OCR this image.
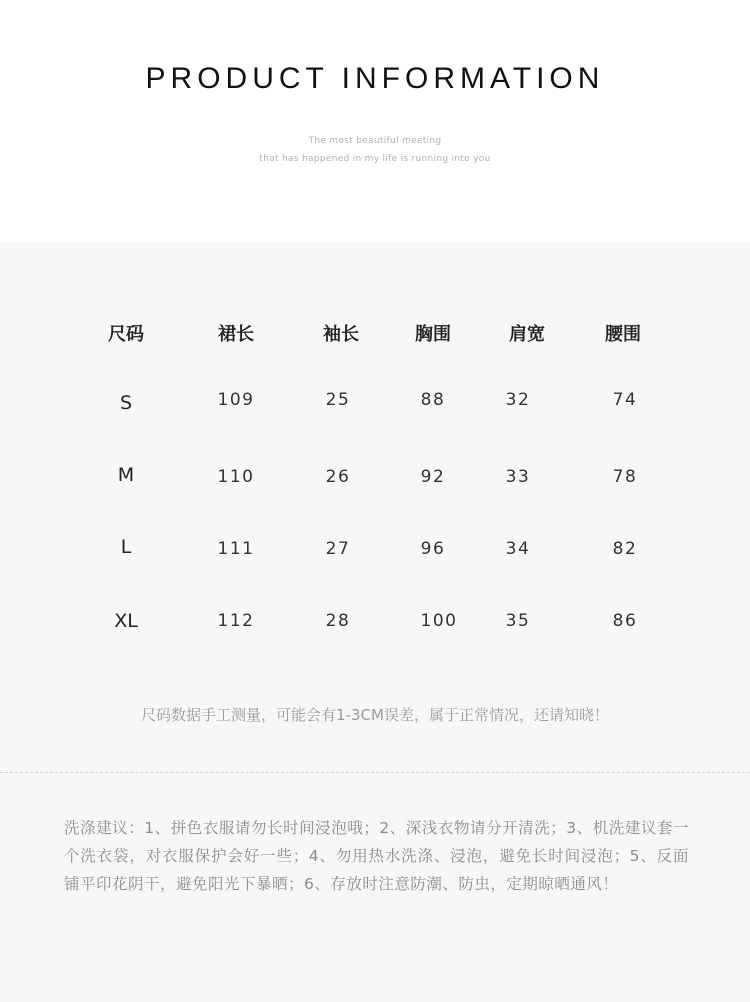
PRODUCT INFORMATION
The most beautiful meeting
that has happened in my life is running into you
尺码	裙长	袖长	胸围	肩宽	腰围
S	109	25	88	32	74
M	110	26	92	33	78
L	111	27	96	34	82
XL	112	28	100	35	86
尺码数据手工测量，可能会有1-3CM误差，属于正常情况，还请知晓！

洗涤建议：1、拼色衣服请勿长时间浸泡哦；2、深浅衣物请分开清洗；3、机洗建议套一个洗衣袋，对衣服保护会好一些；4、勿用热水洗涤、浸泡，避免长时间浸泡；5、反面铺平印花阴干，避免阳光下暴晒；6、存放时注意防潮、防虫，定期晾晒通风！
